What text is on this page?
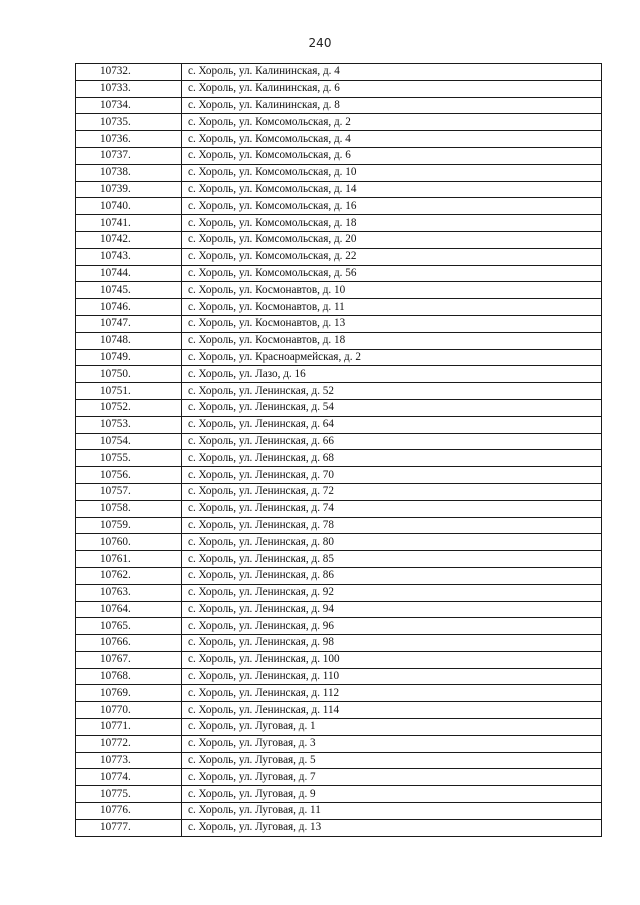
240
10732.	с. Хороль, ул. Калининская, д. 4
10733.	с. Хороль, ул. Калининская, д. 6
10734.	с. Хороль, ул. Калининская, д. 8
10735.	с. Хороль, ул. Комсомольская, д. 2
10736.	с. Хороль, ул. Комсомольская, д. 4
10737.	с. Хороль, ул. Комсомольская, д. 6
10738.	с. Хороль, ул. Комсомольская, д. 10
10739.	с. Хороль, ул. Комсомольская, д. 14
10740.	с. Хороль, ул. Комсомольская, д. 16
10741.	с. Хороль, ул. Комсомольская, д. 18
10742.	с. Хороль, ул. Комсомольская, д. 20
10743.	с. Хороль, ул. Комсомольская, д. 22
10744.	с. Хороль, ул. Комсомольская, д. 56
10745.	с. Хороль, ул. Космонавтов, д. 10
10746.	с. Хороль, ул. Космонавтов, д. 11
10747.	с. Хороль, ул. Космонавтов, д. 13
10748.	с. Хороль, ул. Космонавтов, д. 18
10749.	с. Хороль, ул. Красноармейская, д. 2
10750.	с. Хороль, ул. Лазо, д. 16
10751.	с. Хороль, ул. Ленинская, д. 52
10752.	с. Хороль, ул. Ленинская, д. 54
10753.	с. Хороль, ул. Ленинская, д. 64
10754.	с. Хороль, ул. Ленинская, д. 66
10755.	с. Хороль, ул. Ленинская, д. 68
10756.	с. Хороль, ул. Ленинская, д. 70
10757.	с. Хороль, ул. Ленинская, д. 72
10758.	с. Хороль, ул. Ленинская, д. 74
10759.	с. Хороль, ул. Ленинская, д. 78
10760.	с. Хороль, ул. Ленинская, д. 80
10761.	с. Хороль, ул. Ленинская, д. 85
10762.	с. Хороль, ул. Ленинская, д. 86
10763.	с. Хороль, ул. Ленинская, д. 92
10764.	с. Хороль, ул. Ленинская, д. 94
10765.	с. Хороль, ул. Ленинская, д. 96
10766.	с. Хороль, ул. Ленинская, д. 98
10767.	с. Хороль, ул. Ленинская, д. 100
10768.	с. Хороль, ул. Ленинская, д. 110
10769.	с. Хороль, ул. Ленинская, д. 112
10770.	с. Хороль, ул. Ленинская, д. 114
10771.	с. Хороль, ул. Луговая, д. 1
10772.	с. Хороль, ул. Луговая, д. 3
10773.	с. Хороль, ул. Луговая, д. 5
10774.	с. Хороль, ул. Луговая, д. 7
10775.	с. Хороль, ул. Луговая, д. 9
10776.	с. Хороль, ул. Луговая, д. 11
10777.	с. Хороль, ул. Луговая, д. 13
